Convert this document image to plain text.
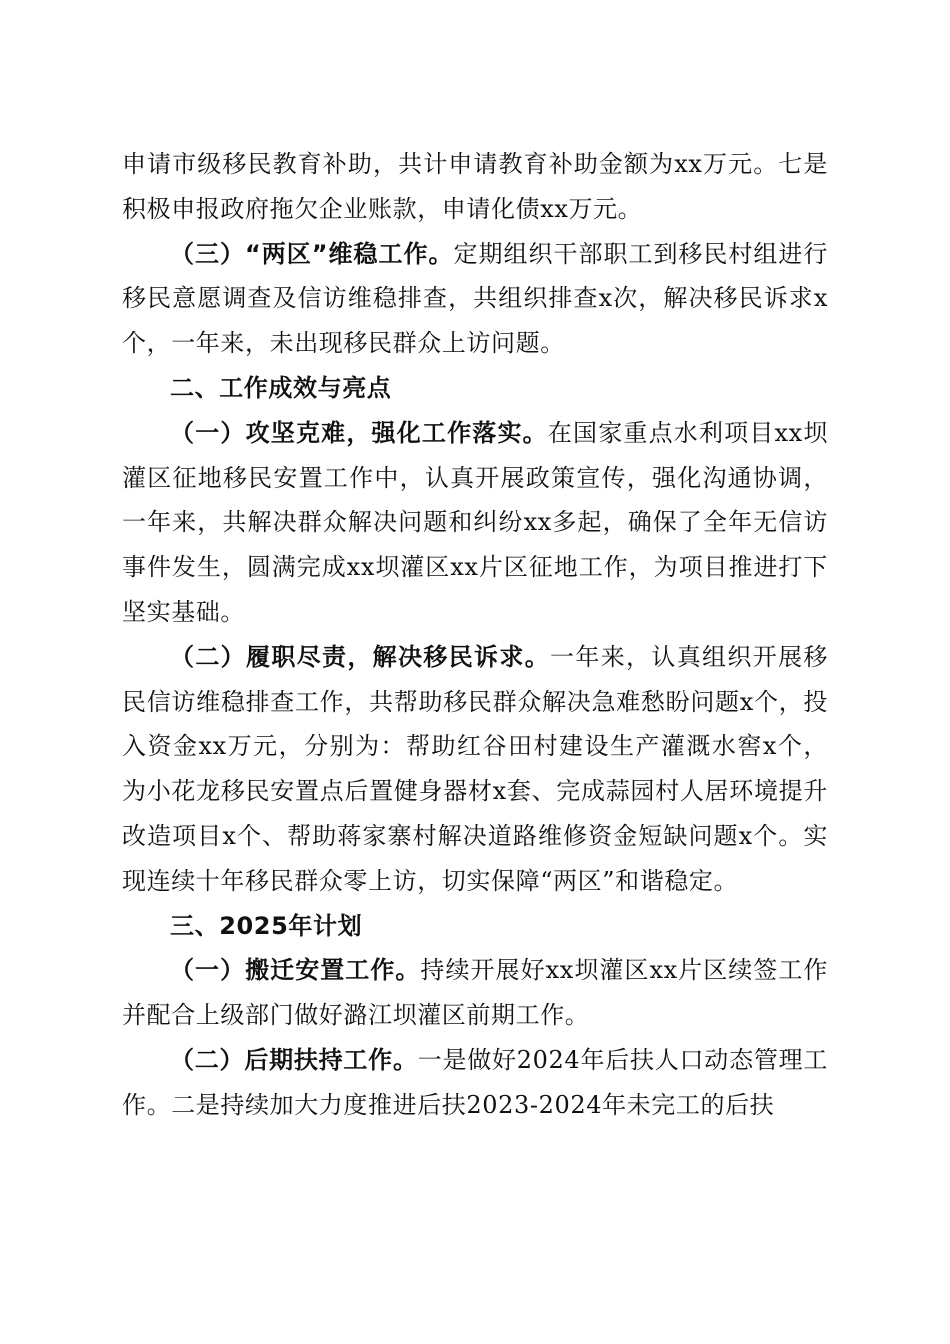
申请市级移民教育补助，共计申请教育补助金额为xx万元。七是积极申报政府拖欠企业账款，申请化债xx万元。

（三）“两区”维稳工作。定期组织干部职工到移民村组进行移民意愿调查及信访维稳排查，共组织排查x次，解决移民诉求x个，一年来，未出现移民群众上访问题。

二、工作成效与亮点

（一）攻坚克难，强化工作落实。在国家重点水利项目xx坝灌区征地移民安置工作中，认真开展政策宣传，强化沟通协调，一年来，共解决群众解决问题和纠纷xx多起，确保了全年无信访事件发生，圆满完成xx坝灌区xx片区征地工作，为项目推进打下坚实基础。

（二）履职尽责，解决移民诉求。一年来，认真组织开展移民信访维稳排查工作，共帮助移民群众解决急难愁盼问题x个，投入资金xx万元，分别为：帮助红谷田村建设生产灌溉水窖x个，为小花龙移民安置点后置健身器材x套、完成蒜园村人居环境提升改造项目x个、帮助蒋家寨村解决道路维修资金短缺问题x个。实现连续十年移民群众零上访，切实保障“两区”和谐稳定。

三、2025年计划

（一）搬迁安置工作。持续开展好xx坝灌区xx片区续签工作并配合上级部门做好潞江坝灌区前期工作。

（二）后期扶持工作。一是做好2024年后扶人口动态管理工作。二是持续加大力度推进后扶2023-2024年未完工的后扶
